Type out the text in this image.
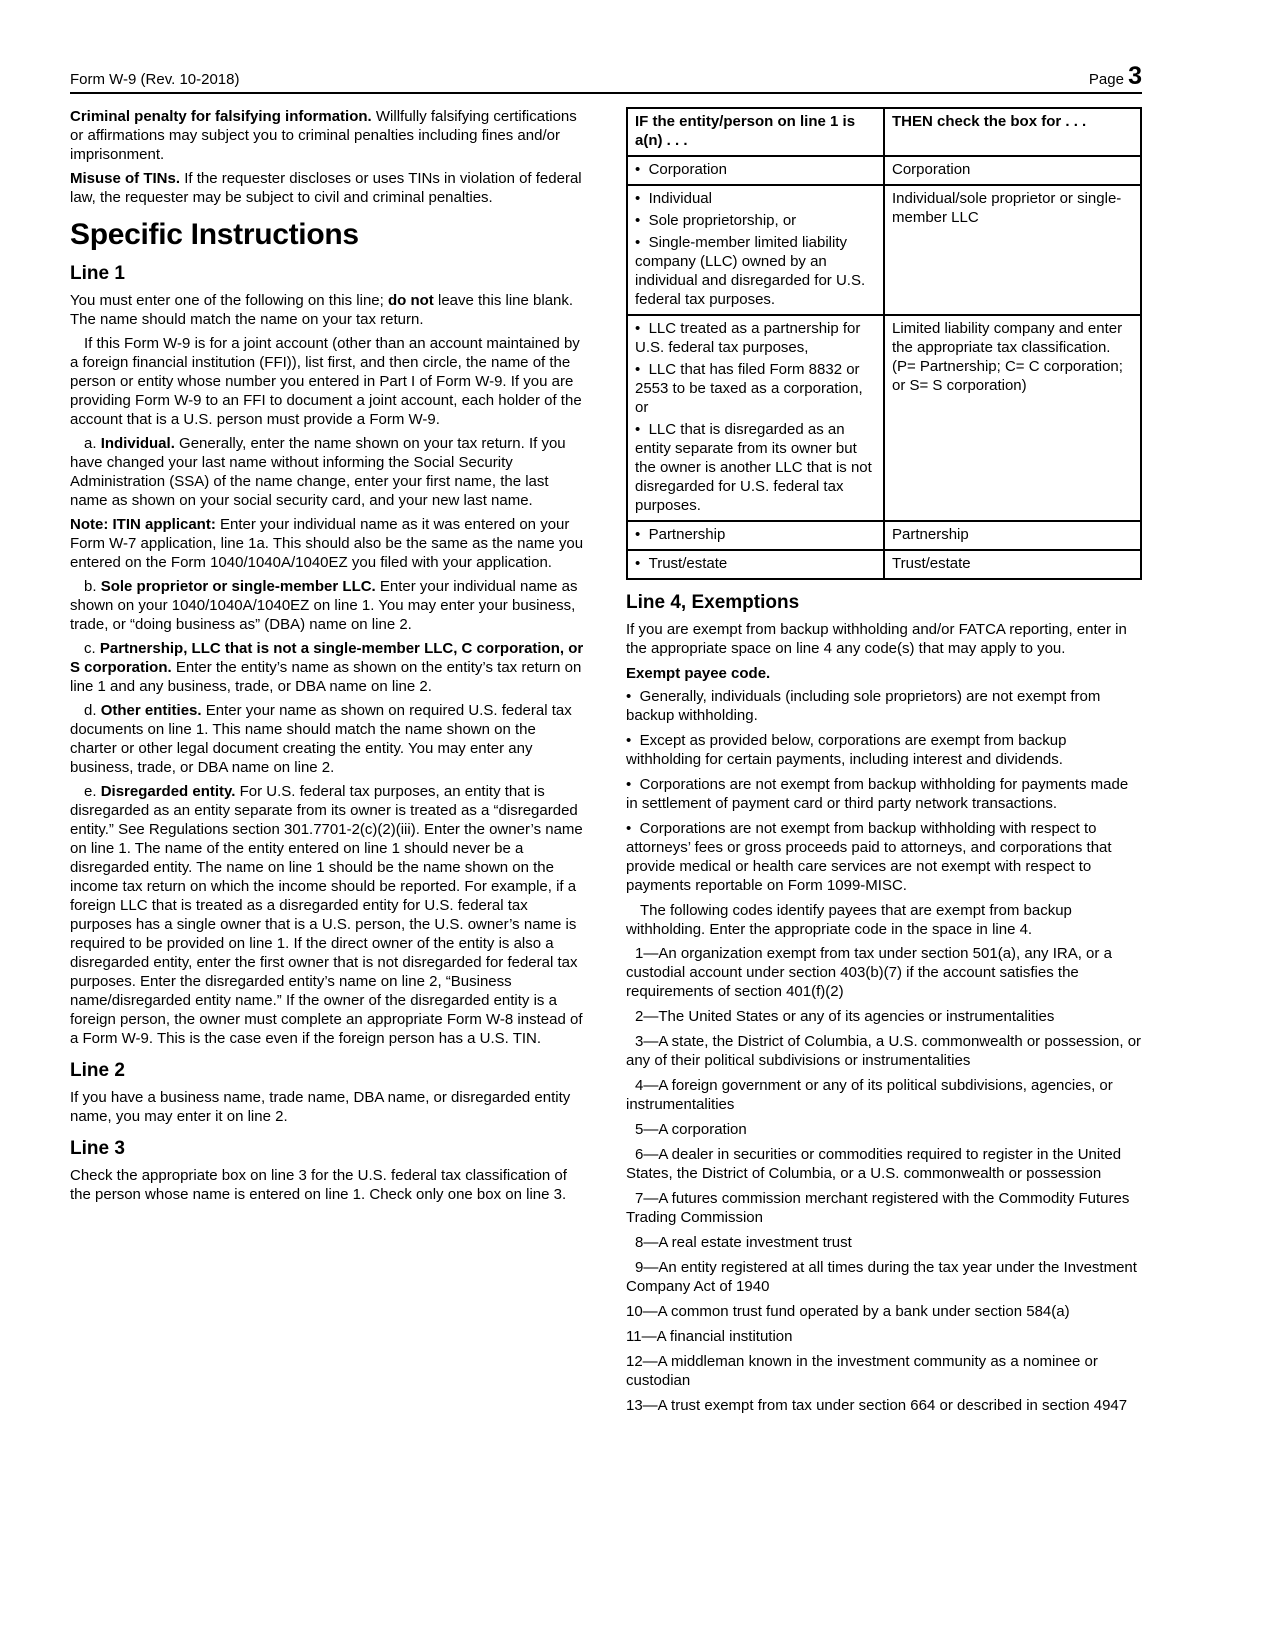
Form W-9 (Rev. 10-2018)	Page 3

Criminal penalty for falsifying information. Willfully falsifying certifications or affirmations may subject you to criminal penalties including fines and/or imprisonment.

Misuse of TINs. If the requester discloses or uses TINs in violation of federal law, the requester may be subject to civil and criminal penalties.

Specific Instructions
Line 1

You must enter one of the following on this line; do not leave this line blank. The name should match the name on your tax return.

If this Form W-9 is for a joint account (other than an account maintained by a foreign financial institution (FFI)), list first, and then circle, the name of the person or entity whose number you entered in Part I of Form W-9. If you are providing Form W-9 to an FFI to document a joint account, each holder of the account that is a U.S. person must provide a Form W-9.

a. Individual. Generally, enter the name shown on your tax return. If you have changed your last name without informing the Social Security Administration (SSA) of the name change, enter your first name, the last name as shown on your social security card, and your new last name.

Note: ITIN applicant: Enter your individual name as it was entered on your Form W-7 application, line 1a. This should also be the same as the name you entered on the Form 1040/1040A/1040EZ you filed with your application.

b. Sole proprietor or single-member LLC. Enter your individual name as shown on your 1040/1040A/1040EZ on line 1. You may enter your business, trade, or “doing business as” (DBA) name on line 2.

c. Partnership, LLC that is not a single-member LLC, C corporation, or S corporation. Enter the entity’s name as shown on the entity’s tax return on line 1 and any business, trade, or DBA name on line 2.

d. Other entities. Enter your name as shown on required U.S. federal tax documents on line 1. This name should match the name shown on the charter or other legal document creating the entity. You may enter any business, trade, or DBA name on line 2.

e. Disregarded entity. For U.S. federal tax purposes, an entity that is disregarded as an entity separate from its owner is treated as a “disregarded entity.” See Regulations section 301.7701-2(c)(2)(iii). Enter the owner’s name on line 1. The name of the entity entered on line 1 should never be a disregarded entity. The name on line 1 should be the name shown on the income tax return on which the income should be reported. For example, if a foreign LLC that is treated as a disregarded entity for U.S. federal tax purposes has a single owner that is a U.S. person, the U.S. owner’s name is required to be provided on line 1. If the direct owner of the entity is also a disregarded entity, enter the first owner that is not disregarded for federal tax purposes. Enter the disregarded entity’s name on line 2, “Business name/disregarded entity name.” If the owner of the disregarded entity is a foreign person, the owner must complete an appropriate Form W-8 instead of a Form W-9. This is the case even if the foreign person has a U.S. TIN.

Line 2

If you have a business name, trade name, DBA name, or disregarded entity name, you may enter it on line 2.

Line 3

Check the appropriate box on line 3 for the U.S. federal tax classification of the person whose name is entered on line 1. Check only one box on line 3.

IF the entity/person on line 1 is a(n) . . .	THEN check the box for . . .

•  Corporation	Corporation

•  Individual
•  Sole proprietorship, or
•  Single-member limited liability company (LLC) owned by an individual and disregarded for U.S. federal tax purposes.	Individual/sole proprietor or single-member LLC

•  LLC treated as a partnership for U.S. federal tax purposes,
•  LLC that has filed Form 8832 or 2553 to be taxed as a corporation, or
•  LLC that is disregarded as an entity separate from its owner but the owner is another LLC that is not disregarded for U.S. federal tax purposes.	Limited liability company and enter the appropriate tax classification. (P= Partnership; C= C corporation; or S= S corporation)

•  Partnership	Partnership

•  Trust/estate	Trust/estate
Line 4, Exemptions

If you are exempt from backup withholding and/or FATCA reporting, enter in the appropriate space on line 4 any code(s) that may apply to you.

Exempt payee code.

•  Generally, individuals (including sole proprietors) are not exempt from backup withholding.

•  Except as provided below, corporations are exempt from backup withholding for certain payments, including interest and dividends.

•  Corporations are not exempt from backup withholding for payments made in settlement of payment card or third party network transactions.

•  Corporations are not exempt from backup withholding with respect to attorneys’ fees or gross proceeds paid to attorneys, and corporations that provide medical or health care services are not exempt with respect to payments reportable on Form 1099-MISC.

The following codes identify payees that are exempt from backup withholding. Enter the appropriate code in the space in line 4.

1—An organization exempt from tax under section 501(a), any IRA, or a custodial account under section 403(b)(7) if the account satisfies the requirements of section 401(f)(2)

2—The United States or any of its agencies or instrumentalities

3—A state, the District of Columbia, a U.S. commonwealth or possession, or any of their political subdivisions or instrumentalities

4—A foreign government or any of its political subdivisions, agencies, or instrumentalities

5—A corporation

6—A dealer in securities or commodities required to register in the United States, the District of Columbia, or a U.S. commonwealth or possession

7—A futures commission merchant registered with the Commodity Futures Trading Commission

8—A real estate investment trust

9—An entity registered at all times during the tax year under the Investment Company Act of 1940

10—A common trust fund operated by a bank under section 584(a)

11—A financial institution

12—A middleman known in the investment community as a nominee or custodian

13—A trust exempt from tax under section 664 or described in section 4947
